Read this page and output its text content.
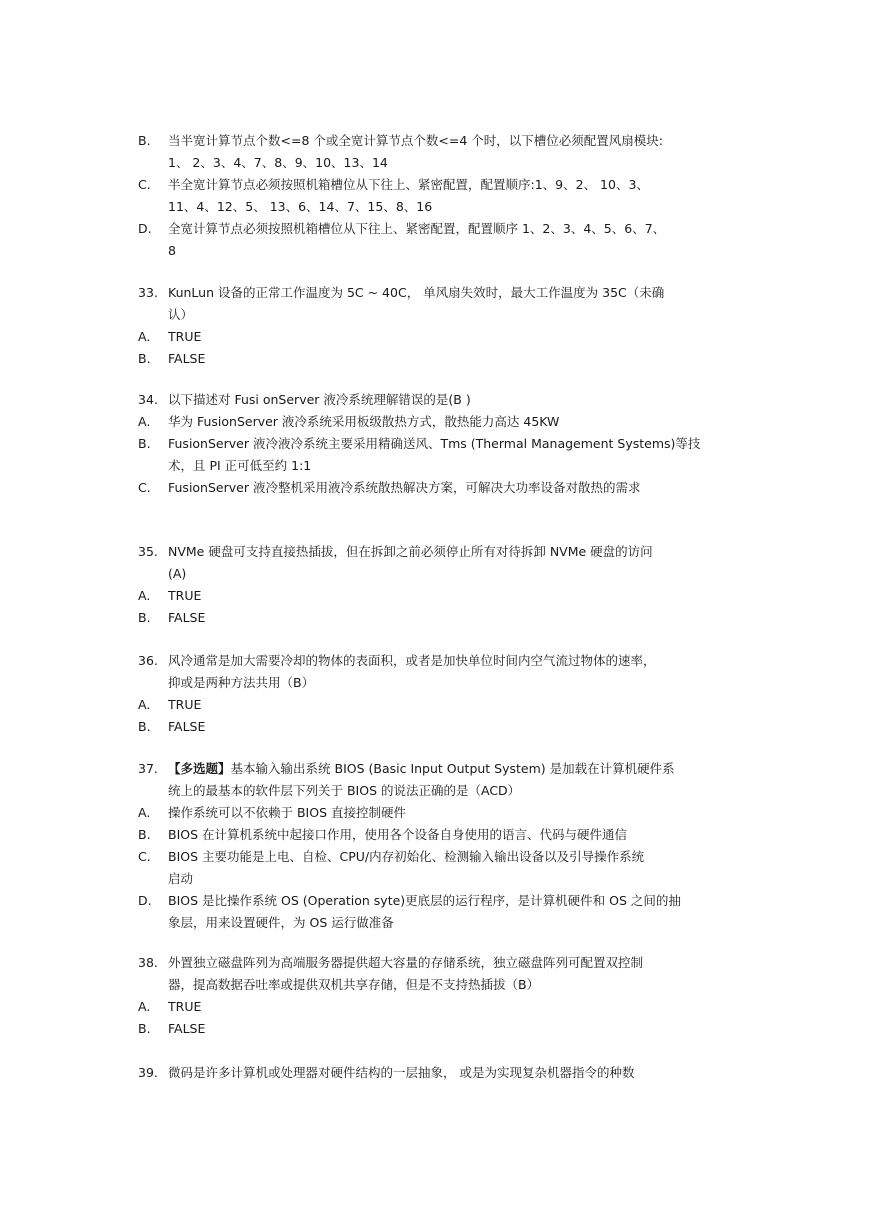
B.	当半宽计算节点个数<=8 个或全宽计算节点个数<=4 个时，以下槽位必须配置风扇模块:
1、 2、3、4、7、8、9、10、13、14
C.	半全宽计算节点必须按照机箱槽位从下往上、紧密配置，配置顺序:1、9、2、 10、3、
11、4、12、5、 13、6、14、7、15、8、16
D.	全宽计算节点必须按照机箱槽位从下往上、紧密配置，配置顺序 1、2、3、4、5、6、7、
8
33. KunLun 设备的正常工作温度为 5C ~ 40C， 单风扇失效时，最大工作温度为 35C（未确
认）
A.	TRUE
B.	FALSE
34. 以下描述对 Fusi onServer 液冷系统理解错误的是(B )
A.	华为 FusionServer 液冷系统采用板级散热方式，散热能力高达 45KW
B.	FusionServer 液冷液冷系统主要采用精确送风、Tms (Thermal Management Systems)等技
术，且 PI 正可低至约 1:1
C.	FusionServer 液冷整机采用液冷系统散热解决方案，可解决大功率设备对散热的需求
35. NVMe 硬盘可支持直接热插拔，但在拆卸之前必须停止所有对待拆卸 NVMe 硬盘的访问
(A)
A.	TRUE
B.	FALSE
36. 风冷通常是加大需要冷却的物体的表面积，或者是加快单位时间内空气流过物体的速率，
抑或是两种方法共用（B）
A.	TRUE
B.	FALSE
37. 【多选题】基本输入输出系统 BIOS (Basic Input Output System) 是加载在计算机硬件系
统上的最基本的软件层下列关于 BIOS 的说法正确的是（ACD）
A.	操作系统可以不依赖于 BIOS 直接控制硬件
B.	BIOS 在计算机系统中起接口作用，使用各个设备自身使用的语言、代码与硬件通信
C.	BIOS 主要功能是上电、自检、CPU/内存初始化、检测输入输出设备以及引导操作系统
启动
D.	BIOS 是比操作系统 OS (Operation syte)更底层的运行程序，是计算机硬件和 OS 之间的抽
象层，用来设置硬件，为 OS 运行做准备
38. 外置独立磁盘阵列为高端服务器提供超大容量的存储系统，独立磁盘阵列可配置双控制
器，提高数据吞吐率或提供双机共享存储，但是不支持热插拔（B）
A.	TRUE
B.	FALSE
39. 微码是许多计算机或处理器对硬件结构的一层抽象， 或是为实现复杂机器指令的种数
